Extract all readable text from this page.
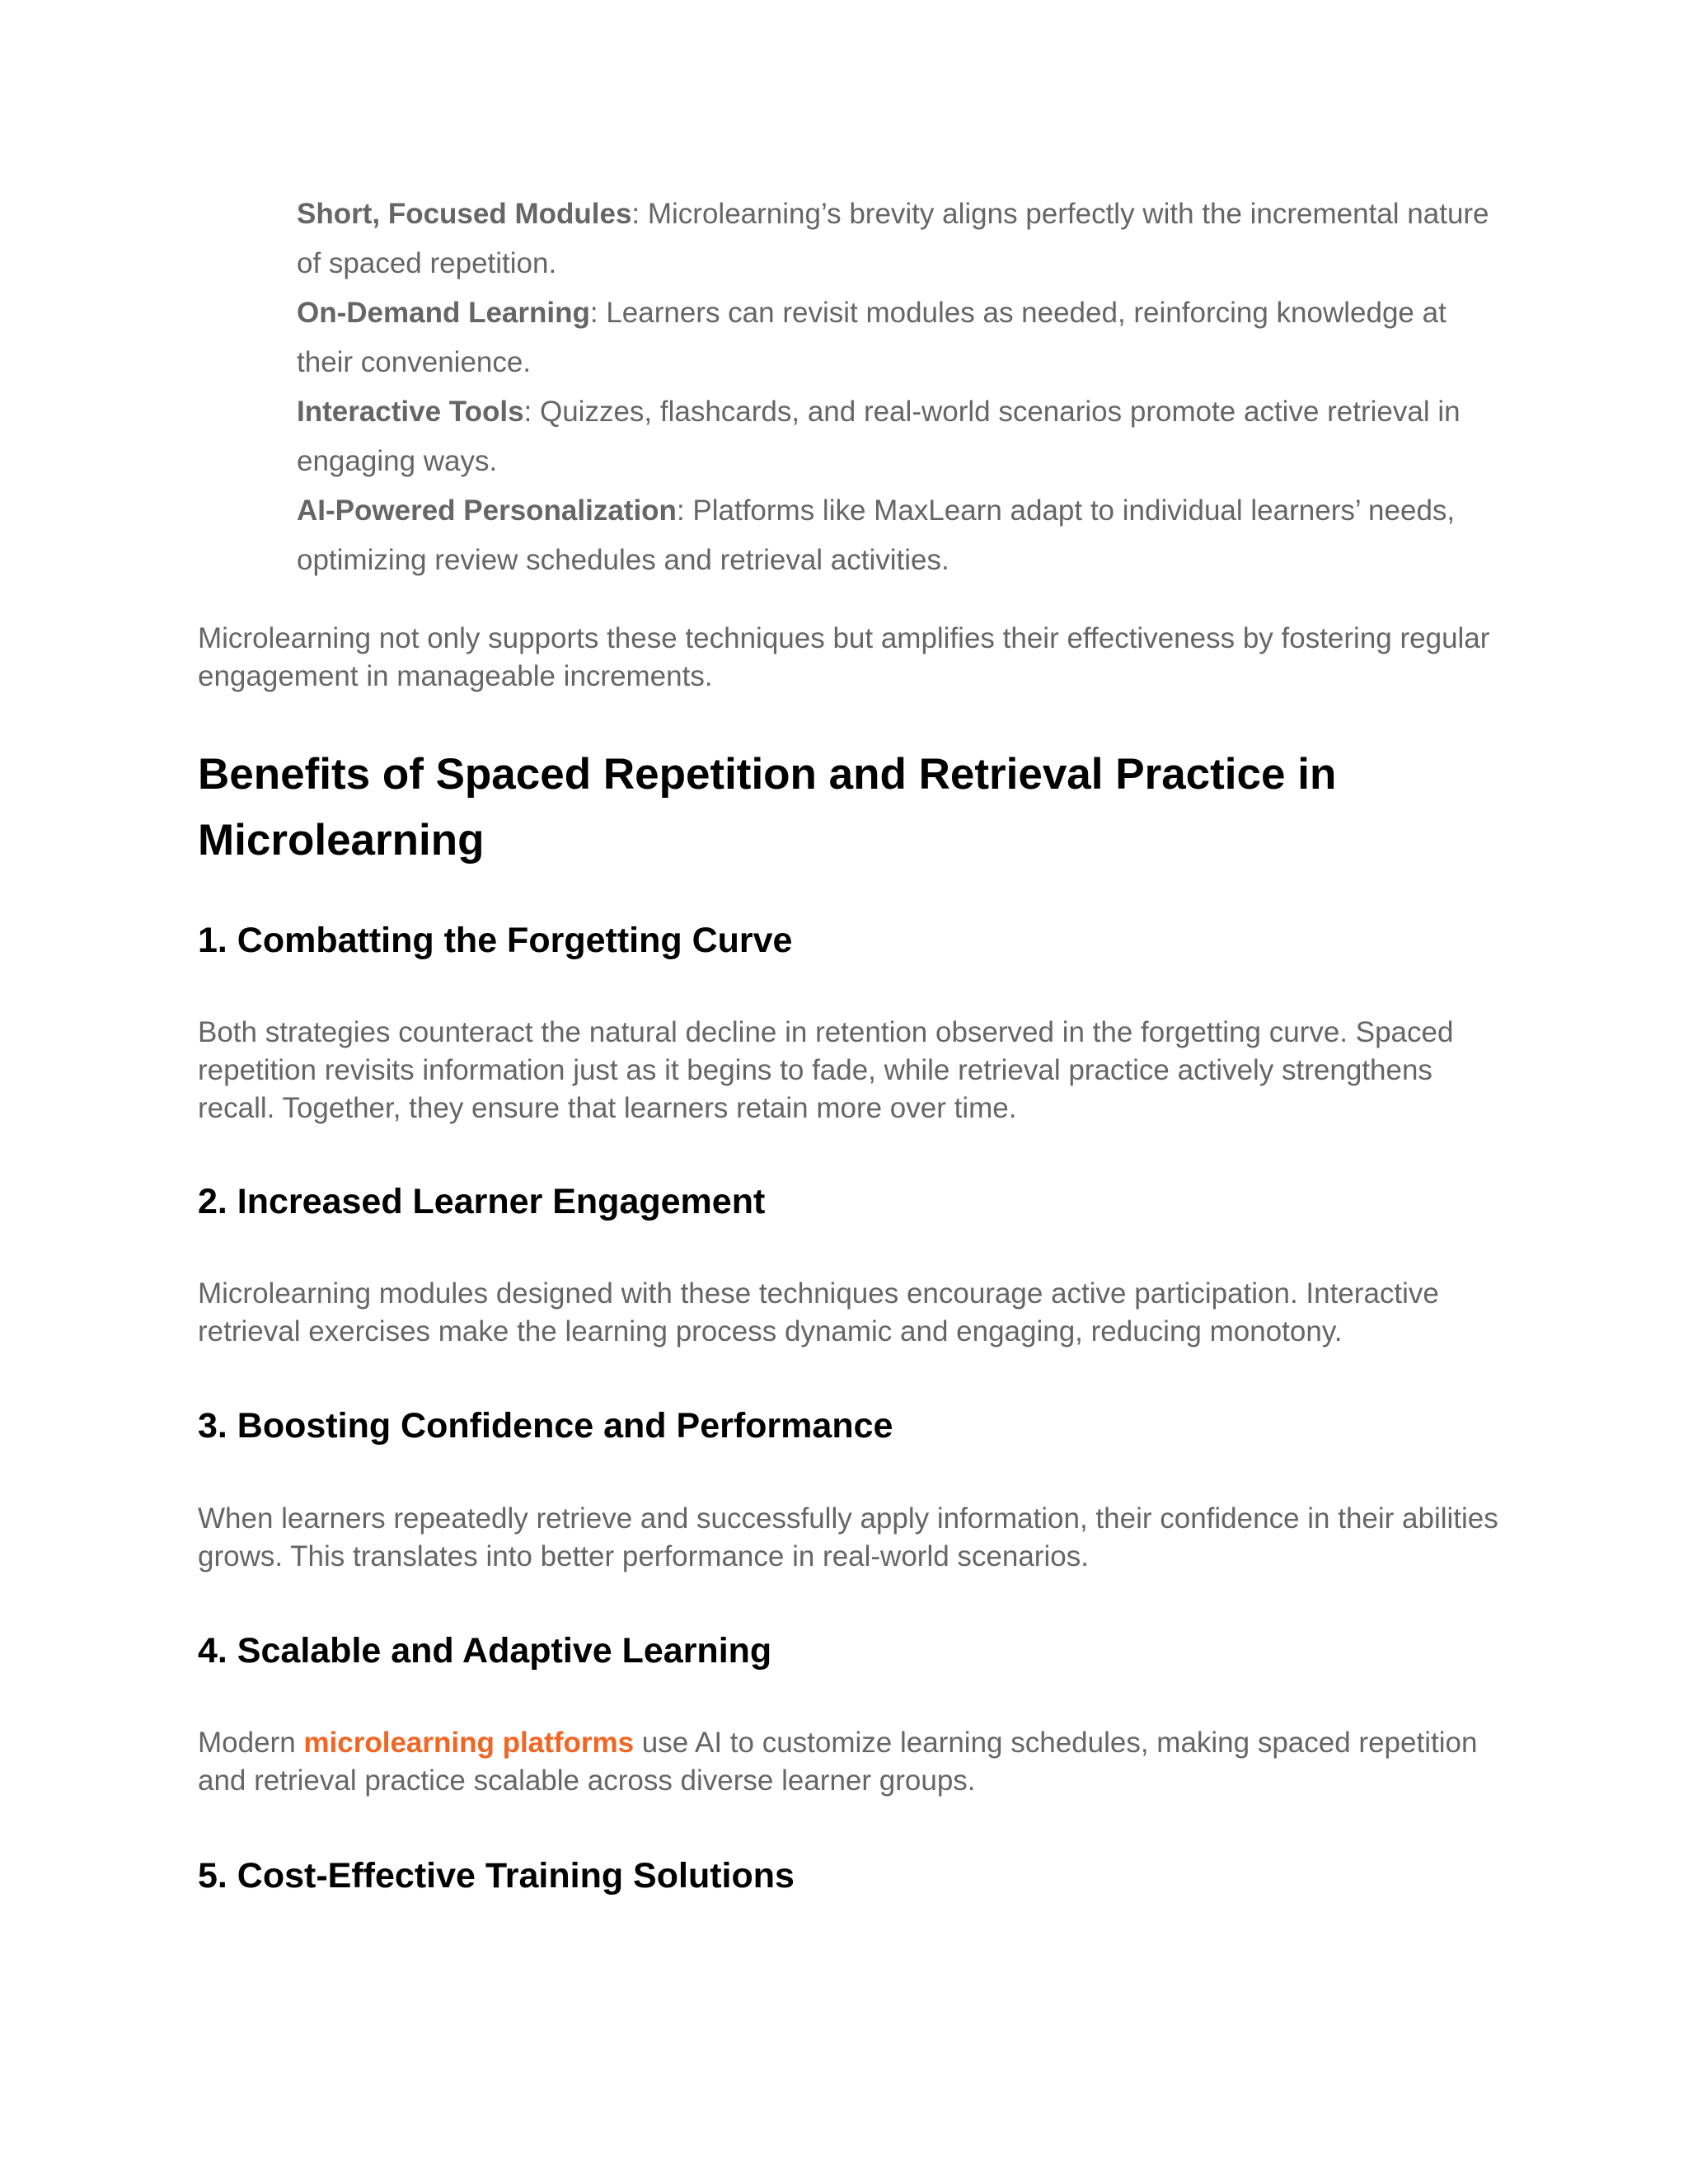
Short, Focused Modules: Microlearning’s brevity aligns perfectly with the incremental nature of spaced repetition.
On-Demand Learning: Learners can revisit modules as needed, reinforcing knowledge at their convenience.
Interactive Tools: Quizzes, flashcards, and real-world scenarios promote active retrieval in engaging ways.
AI-Powered Personalization: Platforms like MaxLearn adapt to individual learners’ needs, optimizing review schedules and retrieval activities.

Microlearning not only supports these techniques but amplifies their effectiveness by fostering regular engagement in manageable increments.

Benefits of Spaced Repetition and Retrieval Practice in Microlearning
1. Combatting the Forgetting Curve

Both strategies counteract the natural decline in retention observed in the forgetting curve. Spaced repetition revisits information just as it begins to fade, while retrieval practice actively strengthens recall. Together, they ensure that learners retain more over time.

2. Increased Learner Engagement

Microlearning modules designed with these techniques encourage active participation. Interactive retrieval exercises make the learning process dynamic and engaging, reducing monotony.

3. Boosting Confidence and Performance

When learners repeatedly retrieve and successfully apply information, their confidence in their abilities grows. This translates into better performance in real-world scenarios.

4. Scalable and Adaptive Learning

Modern microlearning platforms use AI to customize learning schedules, making spaced repetition and retrieval practice scalable across diverse learner groups.

5. Cost-Effective Training Solutions
